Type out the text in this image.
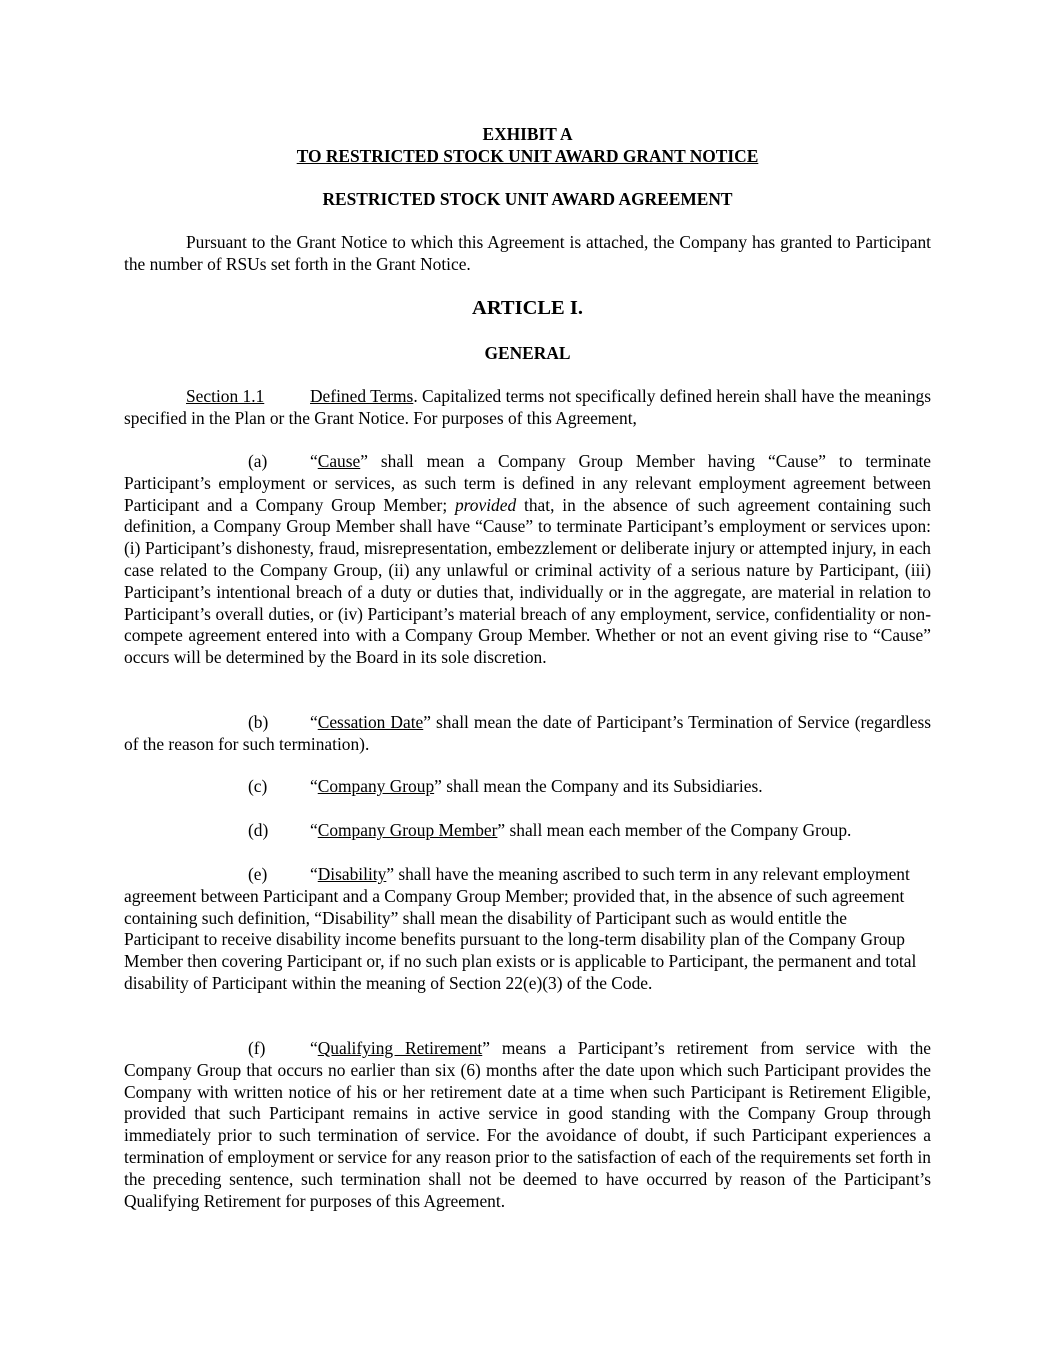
EXHIBIT A
TO RESTRICTED STOCK UNIT AWARD GRANT NOTICE
RESTRICTED STOCK UNIT AWARD AGREEMENT

Pursuant to the Grant Notice to which this Agreement is attached, the Company has granted to Participant the number of RSUs set forth in the Grant Notice.

ARTICLE I.
GENERAL

Section 1.1	Defined Terms. Capitalized terms not specifically defined herein shall have the meanings specified in the Plan or the Grant Notice. For purposes of this Agreement,

(a) “Cause” shall mean a Company Group Member having “Cause” to terminate Participant’s employment or services, as such term is defined in any relevant employment agreement between Participant and a Company Group Member; provided that, in the absence of such agreement containing such definition, a Company Group Member shall have “Cause” to terminate Participant’s employment or services upon: (i) Participant’s dishonesty, fraud, misrepresentation, embezzlement or deliberate injury or attempted injury, in each case related to the Company Group, (ii) any unlawful or criminal activity of a serious nature by Participant, (iii) Participant’s intentional breach of a duty or duties that, individually or in the aggregate, are material in relation to Participant’s overall duties, or (iv) Participant’s material breach of any employment, service, confidentiality or non-compete agreement entered into with a Company Group Member. Whether or not an event giving rise to “Cause” occurs will be determined by the Board in its sole discretion.

(b) “Cessation Date” shall mean the date of Participant’s Termination of Service (regardless of the reason for such termination).

(c) “Company Group” shall mean the Company and its Subsidiaries.

(d) “Company Group Member” shall mean each member of the Company Group.

(e) “Disability” shall have the meaning ascribed to such term in any relevant employment agreement between Participant and a Company Group Member; provided that, in the absence of such agreement containing such definition, “Disability” shall mean the disability of Participant such as would entitle the Participant to receive disability income benefits pursuant to the long-term disability plan of the Company Group Member then covering Participant or, if no such plan exists or is applicable to Participant, the permanent and total disability of Participant within the meaning of Section 22(e)(3) of the Code.

(f)	“Qualifying Retirement” means a Participant’s retirement from service with the Company Group that occurs no earlier than six (6) months after the date upon which such Participant provides the Company with written notice of his or her retirement date at a time when such Participant is Retirement Eligible, provided that such Participant remains in active service in good standing with the Company Group through immediately prior to such termination of service. For the avoidance of doubt, if such Participant experiences a termination of employment or service for any reason prior to the satisfaction of each of the requirements set forth in the preceding sentence, such termination shall not be deemed to have occurred by reason of the Participant’s Qualifying Retirement for purposes of this Agreement.
